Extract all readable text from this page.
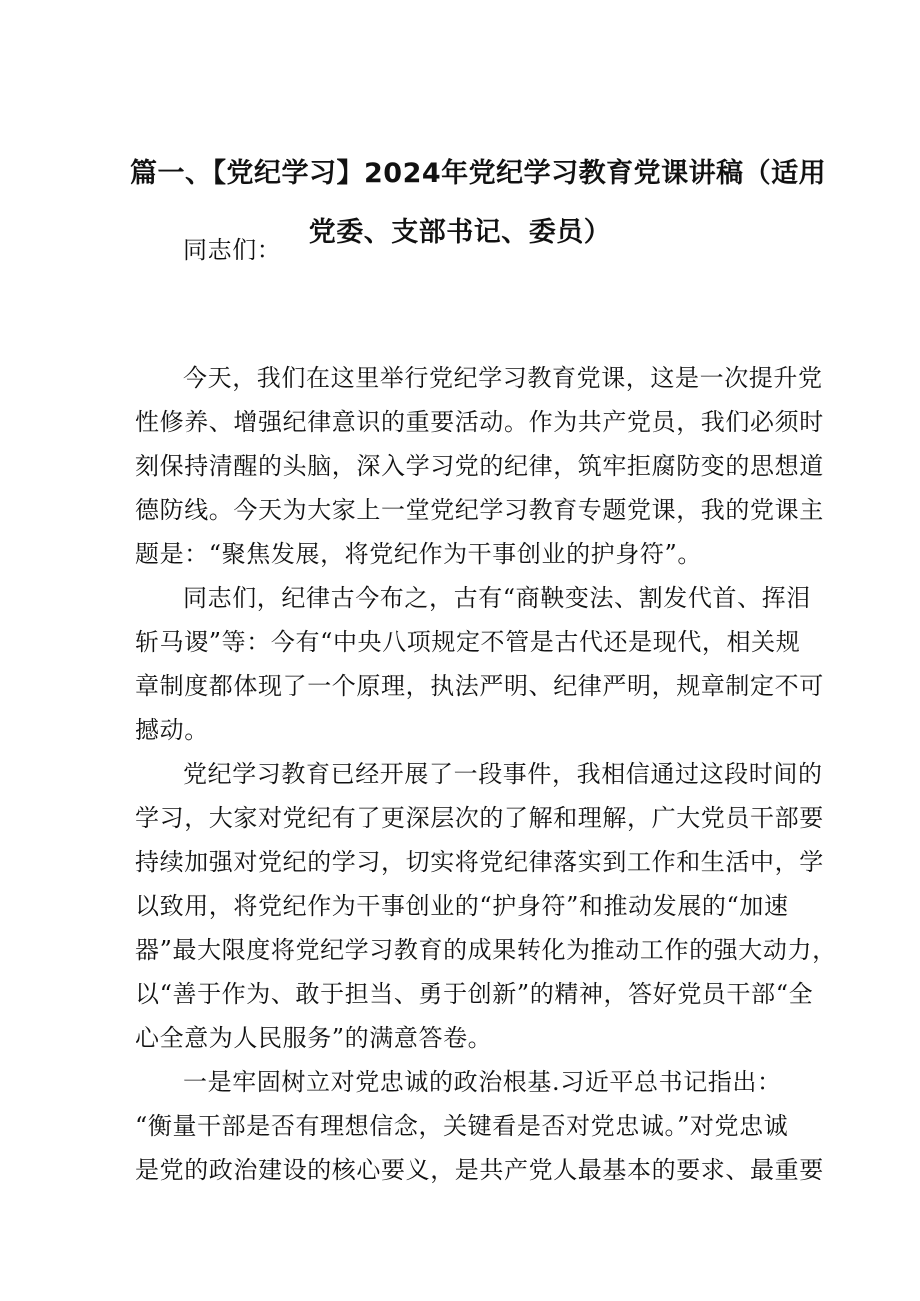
篇一、【党纪学习】2024年党纪学习教育党课讲稿（适用
党委、支部书记、委员）
同志们：
今天，我们在这里举行党纪学习教育党课，这是一次提升党
性修养、增强纪律意识的重要活动。作为共产党员，我们必须时
刻保持清醒的头脑，深入学习党的纪律，筑牢拒腐防变的思想道
德防线。今天为大家上一堂党纪学习教育专题党课，我的党课主
题是：“聚焦发展，将党纪作为干事创业的护身符”。
同志们，纪律古今布之，古有“商鞅变法、割发代首、挥泪
斩马谡”等：今有“中央八项规定不管是古代还是现代，相关规
章制度都体现了一个原理，执法严明、纪律严明，规章制定不可
撼动。
党纪学习教育已经开展了一段事件，我相信通过这段时间的
学习，大家对党纪有了更深层次的了解和理解，广大党员干部要
持续加强对党纪的学习，切实将党纪律落实到工作和生活中，学
以致用，将党纪作为干事创业的“护身符”和推动发展的“加速
器”最大限度将党纪学习教育的成果转化为推动工作的强大动力，
以“善于作为、敢于担当、勇于创新”的精神，答好党员干部“全
心全意为人民服务”的满意答卷。
一是牢固树立对党忠诚的政治根基.习近平总书记指出：
“衡量干部是否有理想信念，关键看是否对党忠诚。”对党忠诚
是党的政治建设的核心要义，是共产党人最基本的要求、最重要
